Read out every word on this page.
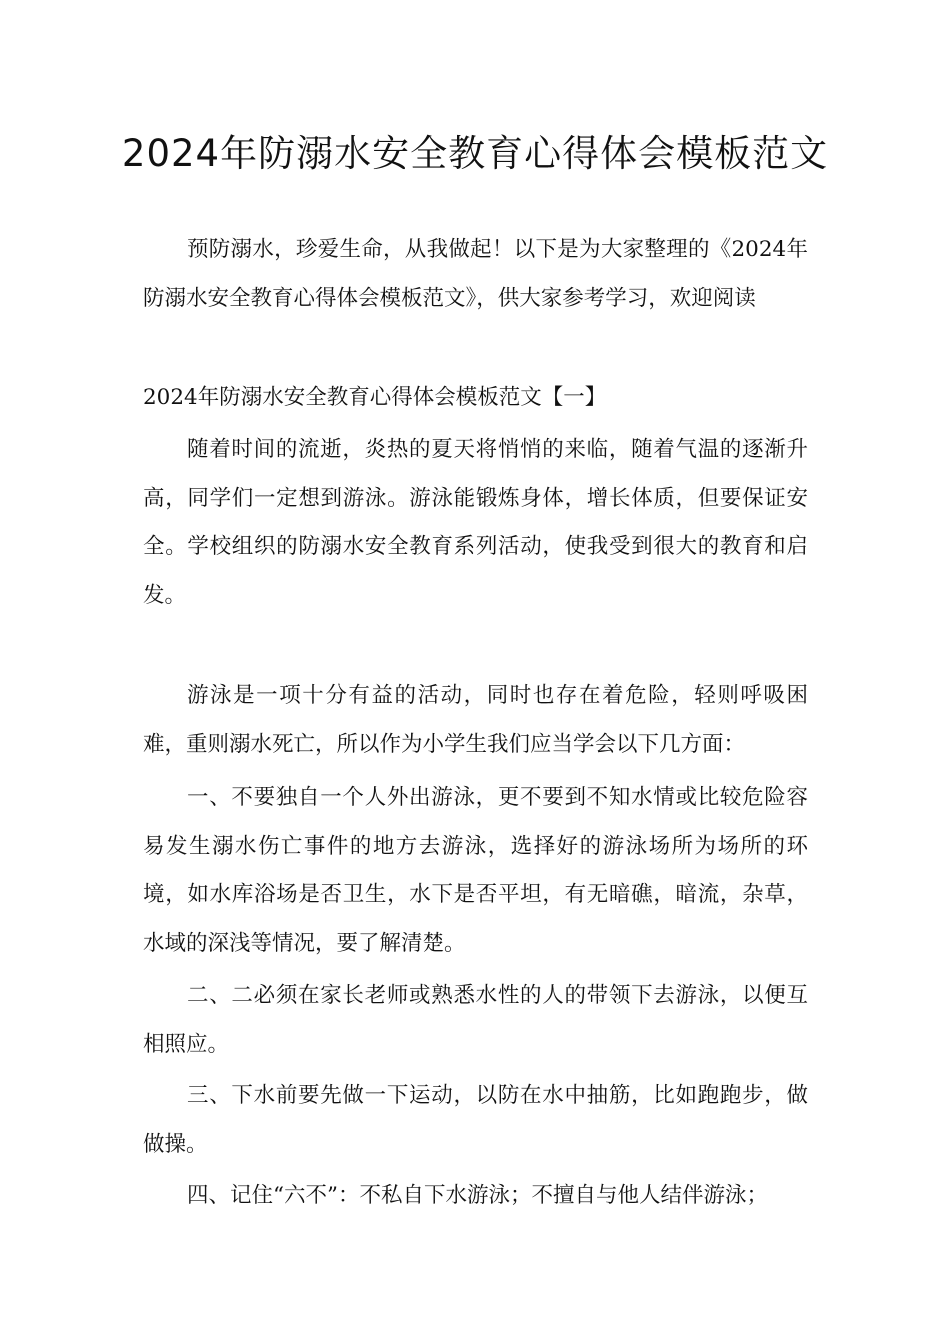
2024年防溺水安全教育心得体会模板范文

预防溺水，珍爱生命，从我做起！以下是为大家整理的《2024年防溺水安全教育心得体会模板范文》，供大家参考学习，欢迎阅读

2024年防溺水安全教育心得体会模板范文【一】

随着时间的流逝，炎热的夏天将悄悄的来临，随着气温的逐渐升高，同学们一定想到游泳。游泳能锻炼身体，增长体质，但要保证安全。学校组织的防溺水安全教育系列活动，使我受到很大的教育和启发。

游泳是一项十分有益的活动，同时也存在着危险，轻则呼吸困难，重则溺水死亡，所以作为小学生我们应当学会以下几方面：

一、不要独自一个人外出游泳，更不要到不知水情或比较危险容易发生溺水伤亡事件的地方去游泳，选择好的游泳场所为场所的环境，如水库浴场是否卫生，水下是否平坦，有无暗礁，暗流，杂草，水域的深浅等情况，要了解清楚。

二、二必须在家长老师或熟悉水性的人的带领下去游泳，以便互相照应。

三、下水前要先做一下运动，以防在水中抽筋，比如跑跑步，做做操。

四、记住“六不”：不私自下水游泳；不擅自与他人结伴游泳；
